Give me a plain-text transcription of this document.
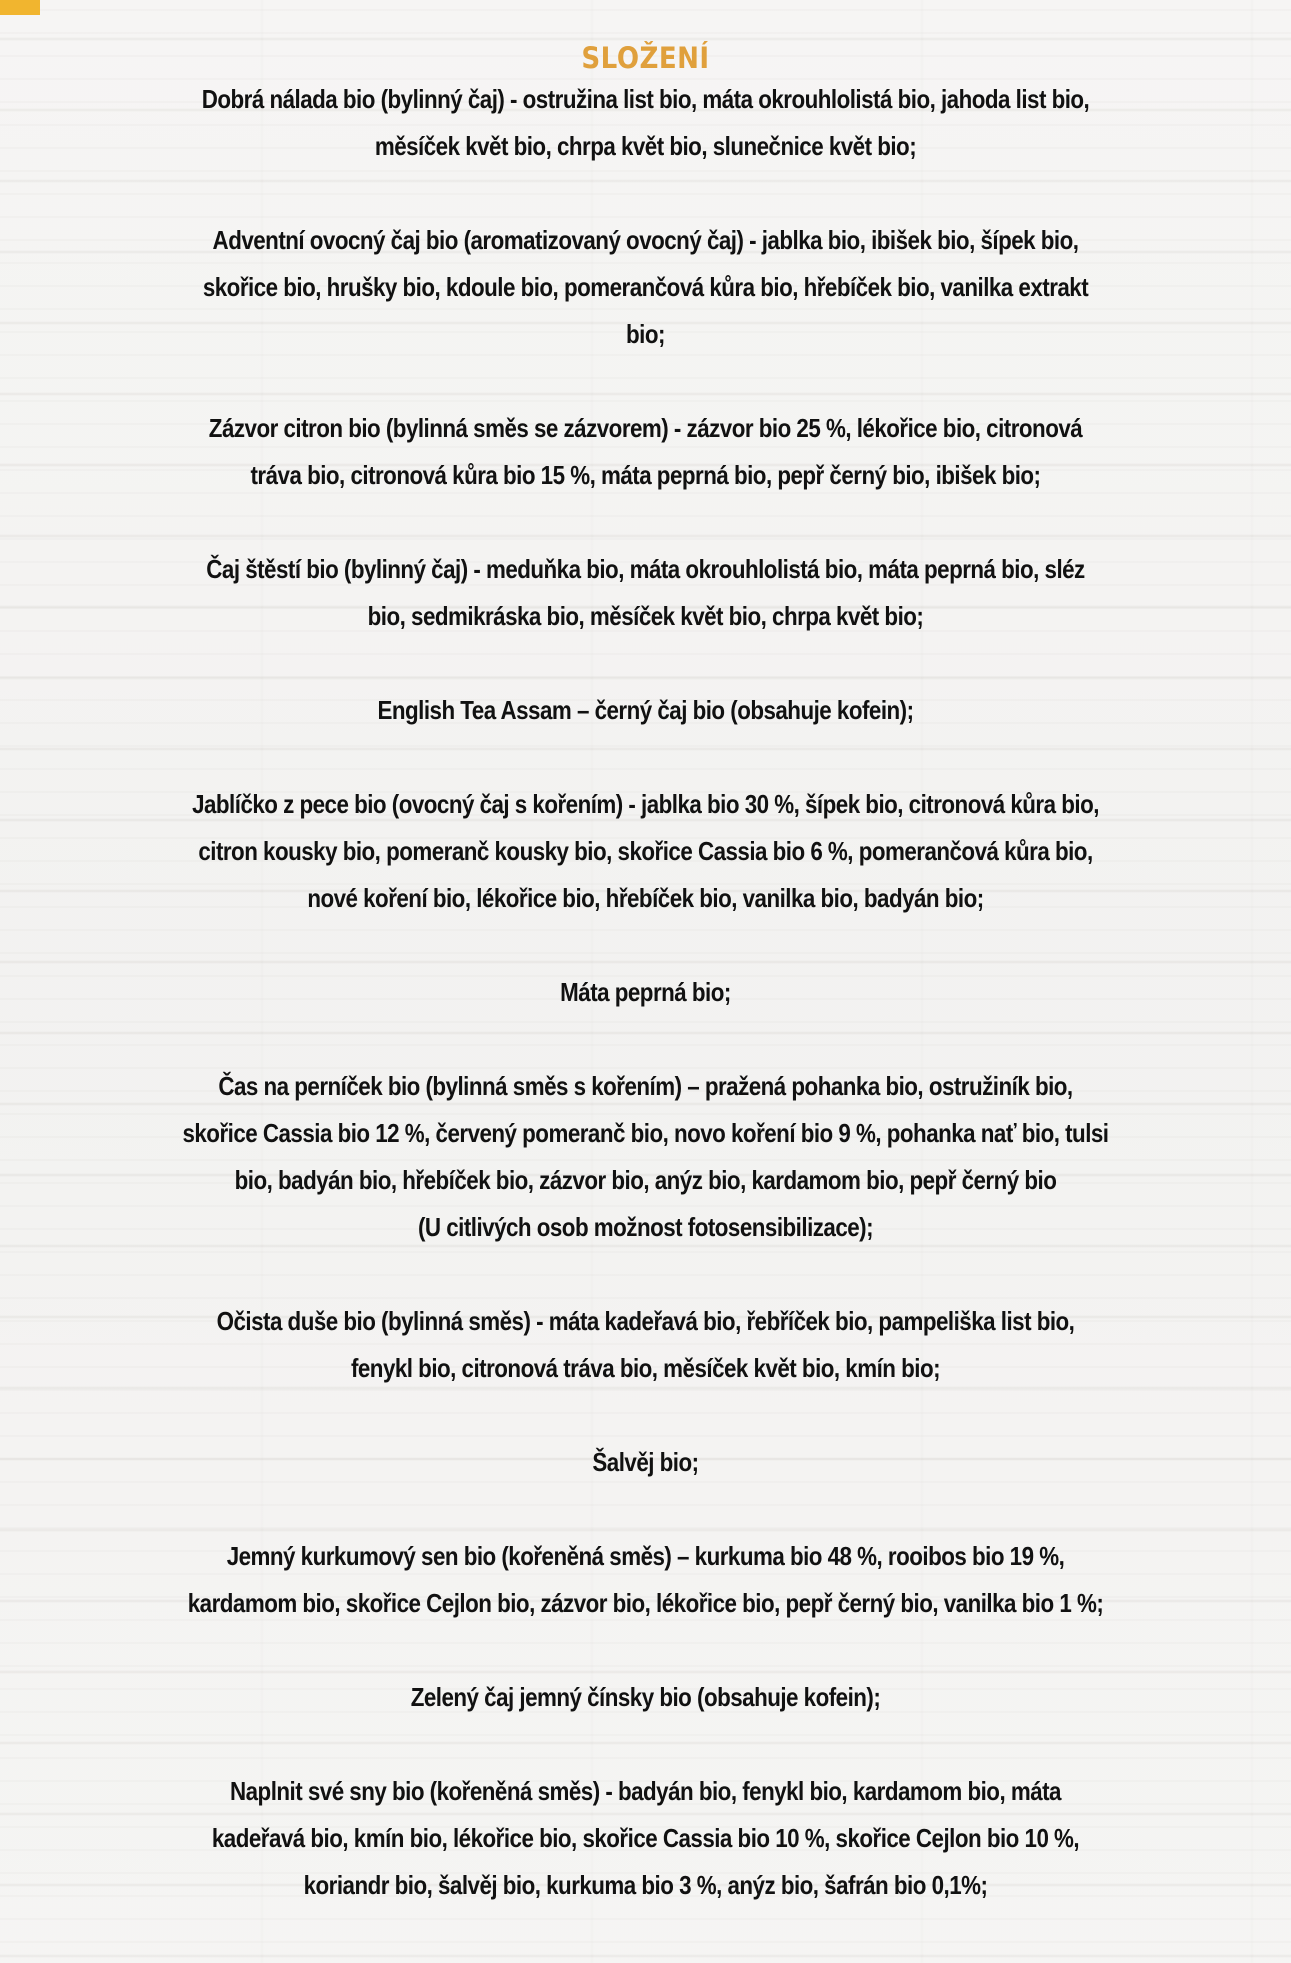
SLOŽENÍ

Dobrá nálada bio (bylinný čaj) - ostružina list bio, máta okrouhlolistá bio, jahoda list bio,
měsíček květ bio, chrpa květ bio, slunečnice květ bio;

Adventní ovocný čaj bio (aromatizovaný ovocný čaj) - jablka bio, ibišek bio, šípek bio,
skořice bio, hrušky bio, kdoule bio, pomerančová kůra bio, hřebíček bio, vanilka extrakt
bio;

Zázvor citron bio (bylinná směs se zázvorem) - zázvor bio 25 %, lékořice bio, citronová
tráva bio, citronová kůra bio 15 %, máta peprná bio, pepř černý bio, ibišek bio;

Čaj štěstí bio (bylinný čaj) - meduňka bio, máta okrouhlolistá bio, máta peprná bio, sléz
bio, sedmikráska bio, měsíček květ bio, chrpa květ bio;

English Tea Assam – černý čaj bio (obsahuje kofein);

Jablíčko z pece bio (ovocný čaj s kořením) - jablka bio 30 %, šípek bio, citronová kůra bio,
citron kousky bio, pomeranč kousky bio, skořice Cassia bio 6 %, pomerančová kůra bio,
nové koření bio, lékořice bio, hřebíček bio, vanilka bio, badyán bio;

Máta peprná bio;

Čas na perníček bio (bylinná směs s kořením) – pražená pohanka bio, ostružiník bio,
skořice Cassia bio 12 %, červený pomeranč bio, novo koření bio 9 %, pohanka nať bio, tulsi
bio, badyán bio, hřebíček bio, zázvor bio, anýz bio, kardamom bio, pepř černý bio
(U citlivých osob možnost fotosensibilizace);

Očista duše bio (bylinná směs) - máta kadeřavá bio, řebříček bio, pampeliška list bio,
fenykl bio, citronová tráva bio, měsíček květ bio, kmín bio;

Šalvěj bio;

Jemný kurkumový sen bio (kořeněná směs) – kurkuma bio 48 %, rooibos bio 19 %,
kardamom bio, skořice Cejlon bio, zázvor bio, lékořice bio, pepř černý bio, vanilka bio 1 %;

Zelený čaj jemný čínsky bio (obsahuje kofein);

Naplnit své sny bio (kořeněná směs) - badyán bio, fenykl bio, kardamom bio, máta
kadeřavá bio, kmín bio, lékořice bio, skořice Cassia bio 10 %, skořice Cejlon bio 10 %,
koriandr bio, šalvěj bio, kurkuma bio 3 %, anýz bio, šafrán bio 0,1%;
